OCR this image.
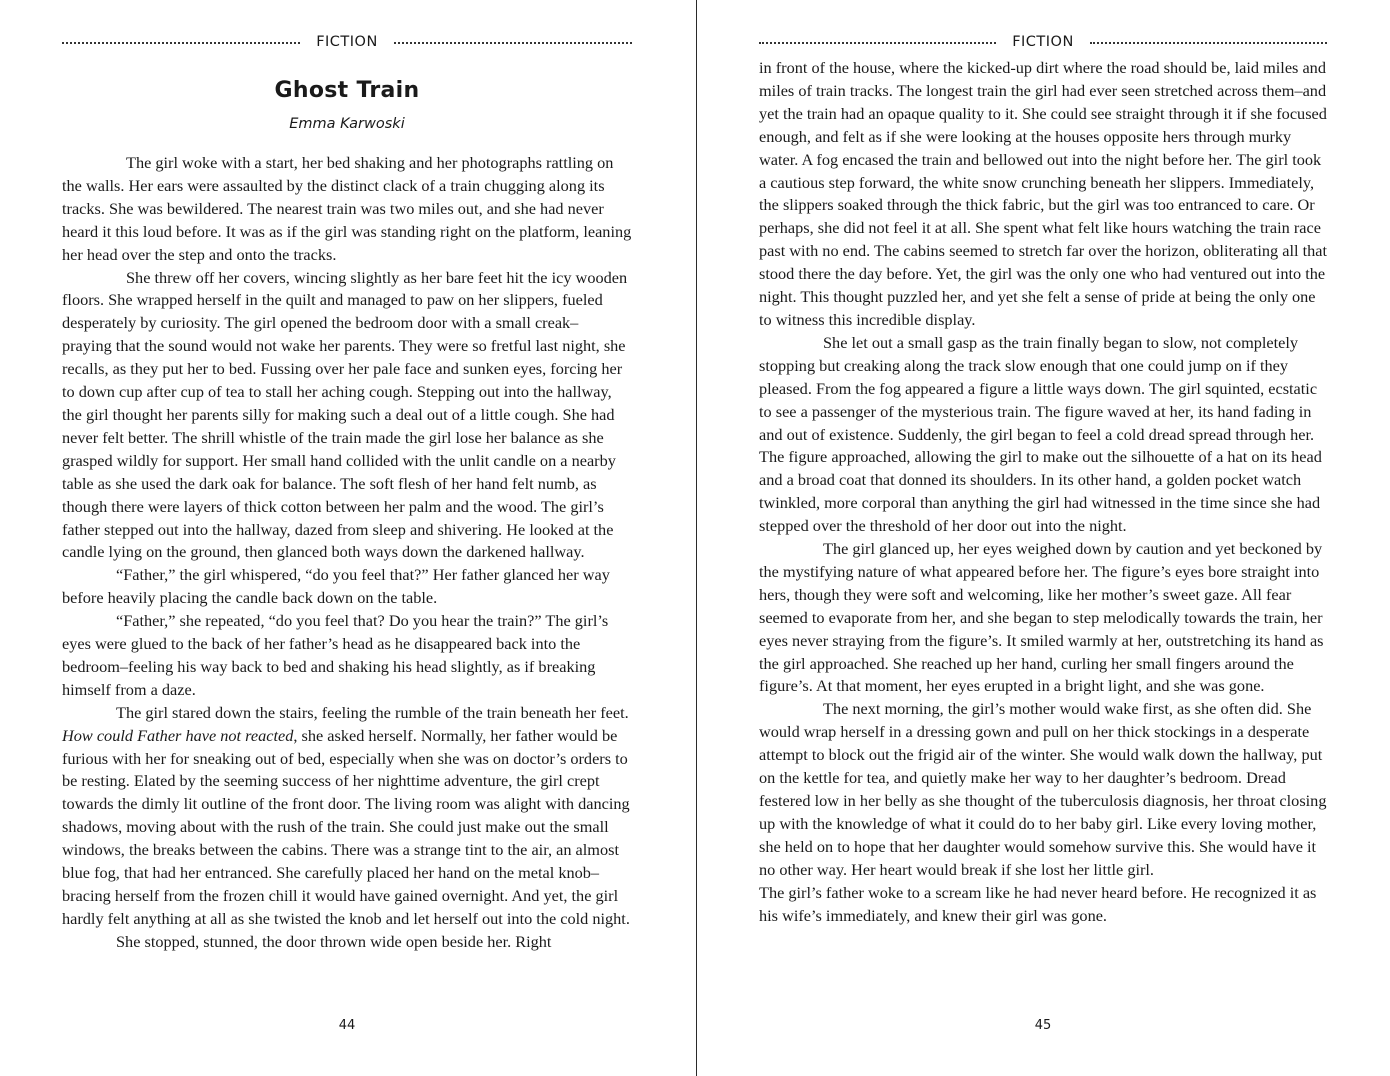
FICTION
Ghost Train
Emma Karwoski

The girl woke with a start, her bed shaking and her photographs rattling on the walls. Her ears were assaulted by the distinct clack of a train chugging along its tracks. She was bewildered. The nearest train was two miles out, and she had never heard it this loud before. It was as if the girl was standing right on the platform, leaning her head over the step and onto the tracks.

She threw off her covers, wincing slightly as her bare feet hit the icy wooden floors. She wrapped herself in the quilt and managed to paw on her slippers, fueled desperately by curiosity. The girl opened the bedroom door with a small creak– praying that the sound would not wake her parents. They were so fretful last night, she recalls, as they put her to bed. Fussing over her pale face and sunken eyes, forcing her to down cup after cup of tea to stall her aching cough. Stepping out into the hallway, the girl thought her parents silly for making such a deal out of a little cough. She had never felt better. The shrill whistle of the train made the girl lose her balance as she grasped wildly for support. Her small hand collided with the unlit candle on a nearby table as she used the dark oak for balance. The soft flesh of her hand felt numb, as though there were layers of thick cotton between her palm and the wood. The girl’s father stepped out into the hallway, dazed from sleep and shivering. He looked at the candle lying on the ground, then glanced both ways down the darkened hallway.

“Father,” the girl whispered, “do you feel that?” Her father glanced her way before heavily placing the candle back down on the table.

“Father,” she repeated, “do you feel that? Do you hear the train?” The girl’s eyes were glued to the back of her father’s head as he disappeared back into the bedroom–feeling his way back to bed and shaking his head slightly, as if breaking himself from a daze.

The girl stared down the stairs, feeling the rumble of the train beneath her feet. How could Father have not reacted, she asked herself. Normally, her father would be furious with her for sneaking out of bed, especially when she was on doctor’s orders to be resting. Elated by the seeming success of her nighttime adventure, the girl crept towards the dimly lit outline of the front door. The living room was alight with dancing shadows, moving about with the rush of the train. She could just make out the small windows, the breaks between the cabins. There was a strange tint to the air, an almost blue fog, that had her entranced. She carefully placed her hand on the metal knob–bracing herself from the frozen chill it would have gained overnight. And yet, the girl hardly felt anything at all as she twisted the knob and let herself out into the cold night.

She stopped, stunned, the door thrown wide open beside her. Right

44
FICTION

in front of the house, where the kicked-up dirt where the road should be, laid miles and miles of train tracks. The longest train the girl had ever seen stretched across them–and yet the train had an opaque quality to it. She could see straight through it if she focused enough, and felt as if she were looking at the houses opposite hers through murky water. A fog encased the train and bellowed out into the night before her. The girl took a cautious step forward, the white snow crunching beneath her slippers. Immediately, the slippers soaked through the thick fabric, but the girl was too entranced to care. Or perhaps, she did not feel it at all. She spent what felt like hours watching the train race past with no end. The cabins seemed to stretch far over the horizon, obliterating all that stood there the day before. Yet, the girl was the only one who had ventured out into the night. This thought puzzled her, and yet she felt a sense of pride at being the only one to witness this incredible display.

She let out a small gasp as the train finally began to slow, not completely stopping but creaking along the track slow enough that one could jump on if they pleased. From the fog appeared a figure a little ways down. The girl squinted, ecstatic to see a passenger of the mysterious train. The figure waved at her, its hand fading in and out of existence. Suddenly, the girl began to feel a cold dread spread through her. The figure approached, allowing the girl to make out the silhouette of a hat on its head and a broad coat that donned its shoulders. In its other hand, a golden pocket watch twinkled, more corporal than anything the girl had witnessed in the time since she had stepped over the threshold of her door out into the night.

The girl glanced up, her eyes weighed down by caution and yet beckoned by the mystifying nature of what appeared before her. The figure’s eyes bore straight into hers, though they were soft and welcoming, like her mother’s sweet gaze. All fear seemed to evaporate from her, and she began to step melodically towards the train, her eyes never straying from the figure’s. It smiled warmly at her, outstretching its hand as the girl approached. She reached up her hand, curling her small fingers around the figure’s. At that moment, her eyes erupted in a bright light, and she was gone.

The next morning, the girl’s mother would wake first, as she often did. She would wrap herself in a dressing gown and pull on her thick stockings in a desperate attempt to block out the frigid air of the winter. She would walk down the hallway, put on the kettle for tea, and quietly make her way to her daughter’s bedroom. Dread festered low in her belly as she thought of the tuberculosis diagnosis, her throat closing up with the knowledge of what it could do to her baby girl. Like every loving mother, she held on to hope that her daughter would somehow survive this. She would have it no other way. Her heart would break if she lost her little girl.

The girl’s father woke to a scream like he had never heard before. He recognized it as his wife’s immediately, and knew their girl was gone.

45
